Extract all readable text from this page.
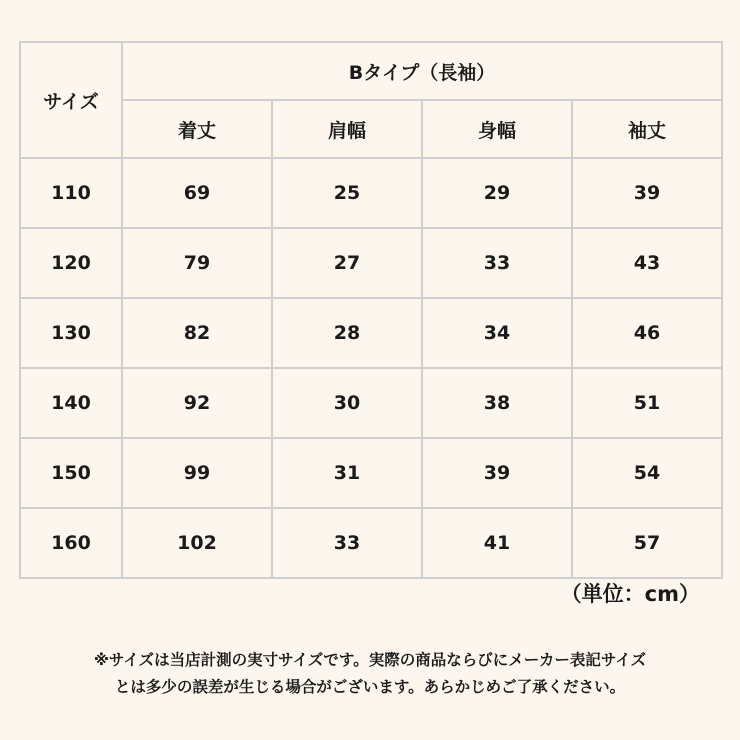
サイズ	Bタイプ（長袖）			
	着丈	肩幅	身幅	袖丈
110	69	25	29	39
120	79	27	33	43
130	82	28	34	46
140	92	30	38	51
150	99	31	39	54
160	102	33	41	57
（単位：cm）
※サイズは当店計測の実寸サイズです。実際の商品ならびにメーカー表記サイズ
とは多少の誤差が生じる場合がございます。あらかじめご了承ください。
